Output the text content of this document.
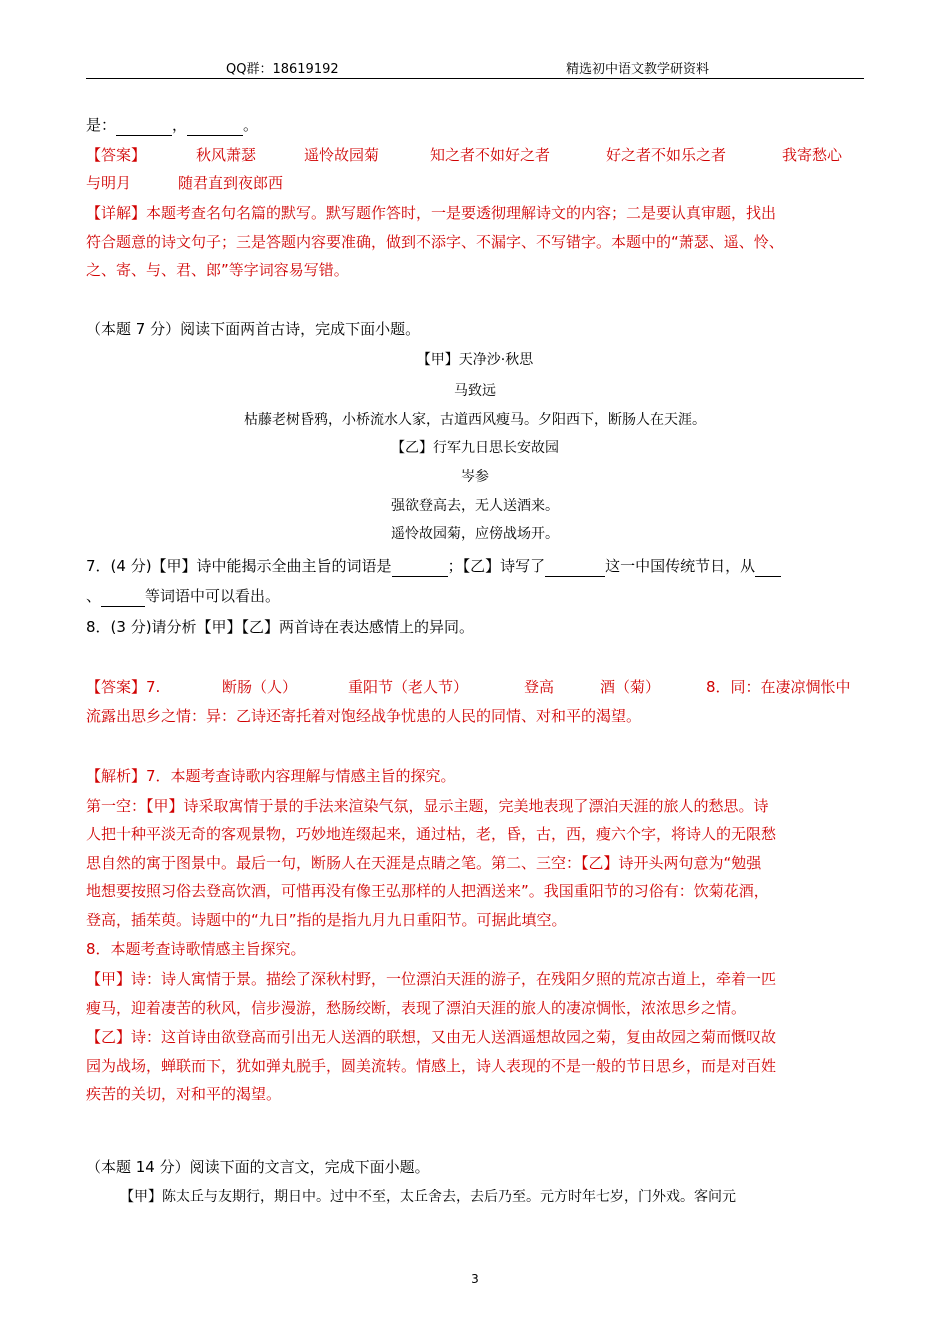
QQ群：18619192	精选初中语文教学研资料
是：	，	。
【答案】	秋风萧瑟	遥怜故园菊	知之者不如好之者	好之者不如乐之者	我寄愁心
与明月	随君直到夜郎西
【详解】本题考查名句名篇的默写。默写题作答时，一是要透彻理解诗文的内容；二是要认真审题，找出
符合题意的诗文句子；三是答题内容要准确，做到不添字、不漏字、不写错字。本题中的“萧瑟、遥、怜、
之、寄、与、君、郎”等字词容易写错。
（本题 7 分）阅读下面两首古诗，完成下面小题。
【甲】天净沙·秋思
马致远
枯藤老树昏鸦，小桥流水人家，古道西风瘦马。夕阳西下，断肠人在天涯。
【乙】行军九日思长安故园
岑参
强欲登高去，无人送酒来。
遥怜故园菊，应傍战场开。
7．(4 分)【甲】诗中能揭示全曲主旨的词语是	；【乙】诗写了	这一中国传统节日，从
、	等词语中可以看出。
8．(3 分)请分析【甲】【乙】两首诗在表达感情上的异同。
【答案】7.	断肠（人）	重阳节（老人节）	登高	酒（菊）	8．同：在凄凉惆怅中
流露出思乡之情：异：乙诗还寄托着对饱经战争忧患的人民的同情、对和平的渴望。
【解析】7．本题考查诗歌内容理解与情感主旨的探究。
第一空：【甲】诗采取寓情于景的手法来渲染气氛，显示主题，完美地表现了漂泊天涯的旅人的愁思。诗
人把十种平淡无奇的客观景物，巧妙地连缀起来，通过枯，老，昏，古，西，瘦六个字，将诗人的无限愁
思自然的寓于图景中。最后一句，断肠人在天涯是点睛之笔。第二、三空：【乙】诗开头两句意为“勉强
地想要按照习俗去登高饮酒，可惜再没有像王弘那样的人把酒送来”。我国重阳节的习俗有：饮菊花酒，
登高，插茱萸。诗题中的“九日”指的是指九月九日重阳节。可据此填空。
8．本题考查诗歌情感主旨探究。
【甲】诗：诗人寓情于景。描绘了深秋村野，一位漂泊天涯的游子，在残阳夕照的荒凉古道上，牵着一匹
瘦马，迎着凄苦的秋风，信步漫游，愁肠绞断，表现了漂泊天涯的旅人的凄凉惆怅，浓浓思乡之情。
【乙】诗：这首诗由欲登高而引出无人送酒的联想，又由无人送酒遥想故园之菊，复由故园之菊而慨叹故
园为战场，蝉联而下，犹如弹丸脱手，圆美流转。情感上，诗人表现的不是一般的节日思乡，而是对百姓
疾苦的关切，对和平的渴望。
（本题 14 分）阅读下面的文言文，完成下面小题。
【甲】陈太丘与友期行，期日中。过中不至，太丘舍去，去后乃至。元方时年七岁，门外戏。客问元
3
